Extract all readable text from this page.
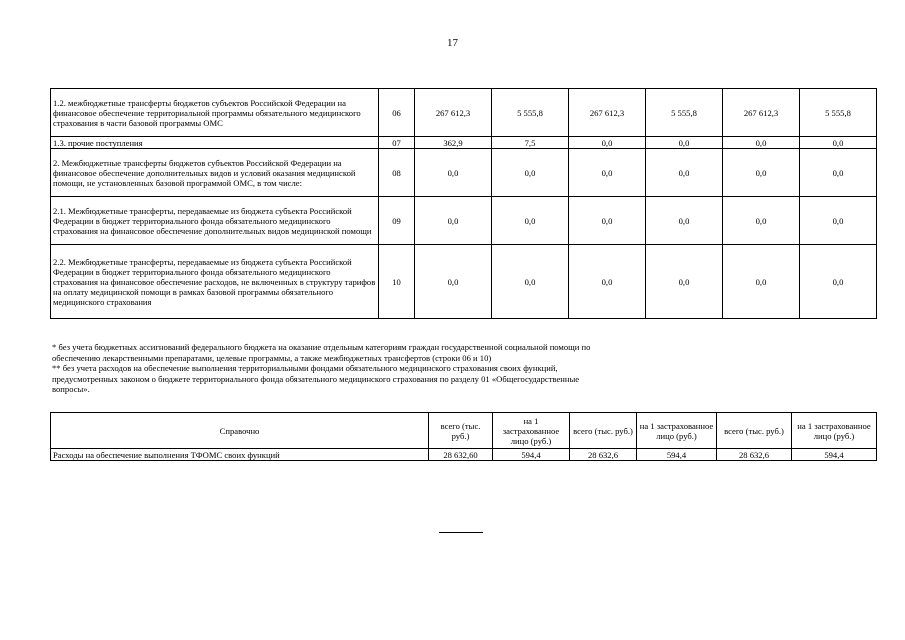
17
1.2. межбюджетные трансферты бюджетов субъектов Российской Федерации на финансовое обеспечение территориальной программы обязательного медицинского страхования в части базовой программы ОМС	06	267 612,3	5 555,8	267 612,3	5 555,8	267 612,3	5 555,8
1.3. прочие поступления	07	362,9	7,5	0,0	0,0	0,0	0,0
2. Межбюджетные трансферты бюджетов субъектов Российской Федерации на финансовое обеспечение дополнительных видов и условий оказания медицинской помощи, не установленных базовой программой ОМС, в том числе:	08	0,0	0,0	0,0	0,0	0,0	0,0
2.1. Межбюджетные трансферты, передаваемые из бюджета субъекта Российской Федерации в бюджет территориального фонда обязательного медицинского страхования на финансовое обеспечение дополнительных видов медицинской помощи	09	0,0	0,0	0,0	0,0	0,0	0,0
2.2. Межбюджетные трансферты, передаваемые из бюджета субъекта Российской Федерации в бюджет территориального фонда обязательного медицинского страхования на финансовое обеспечение расходов, не включенных в структуру тарифов на оплату медицинской помощи в рамках базовой программы обязательного медицинского страхования	10	0,0	0,0	0,0	0,0	0,0	0,0

* без учета бюджетных ассигнований федерального бюджета на оказание отдельным категориям граждан государственной социальной помощи по обеспечению лекарственными препаратами, целевые программы, а также межбюджетных трансфертов (строки 06 и 10)

** без учета расходов на обеспечение выполнения территориальными фондами обязательного медицинского страхования своих функций, предусмотренных законом о бюджете территориального фонда обязательного медицинского страхования по разделу 01 «Общегосударственные вопросы».

Справочно	всего (тыс. руб.)	на 1 застрахованное лицо (руб.)	всего (тыс. руб.)	на 1 застрахованное лицо (руб.)	всего (тыс. руб.)	на 1 застрахованное лицо (руб.)
Расходы на обеспечение выполнения ТФОМС своих функций	28 632,60	594,4	28 632,6	594,4	28 632,6	594,4
